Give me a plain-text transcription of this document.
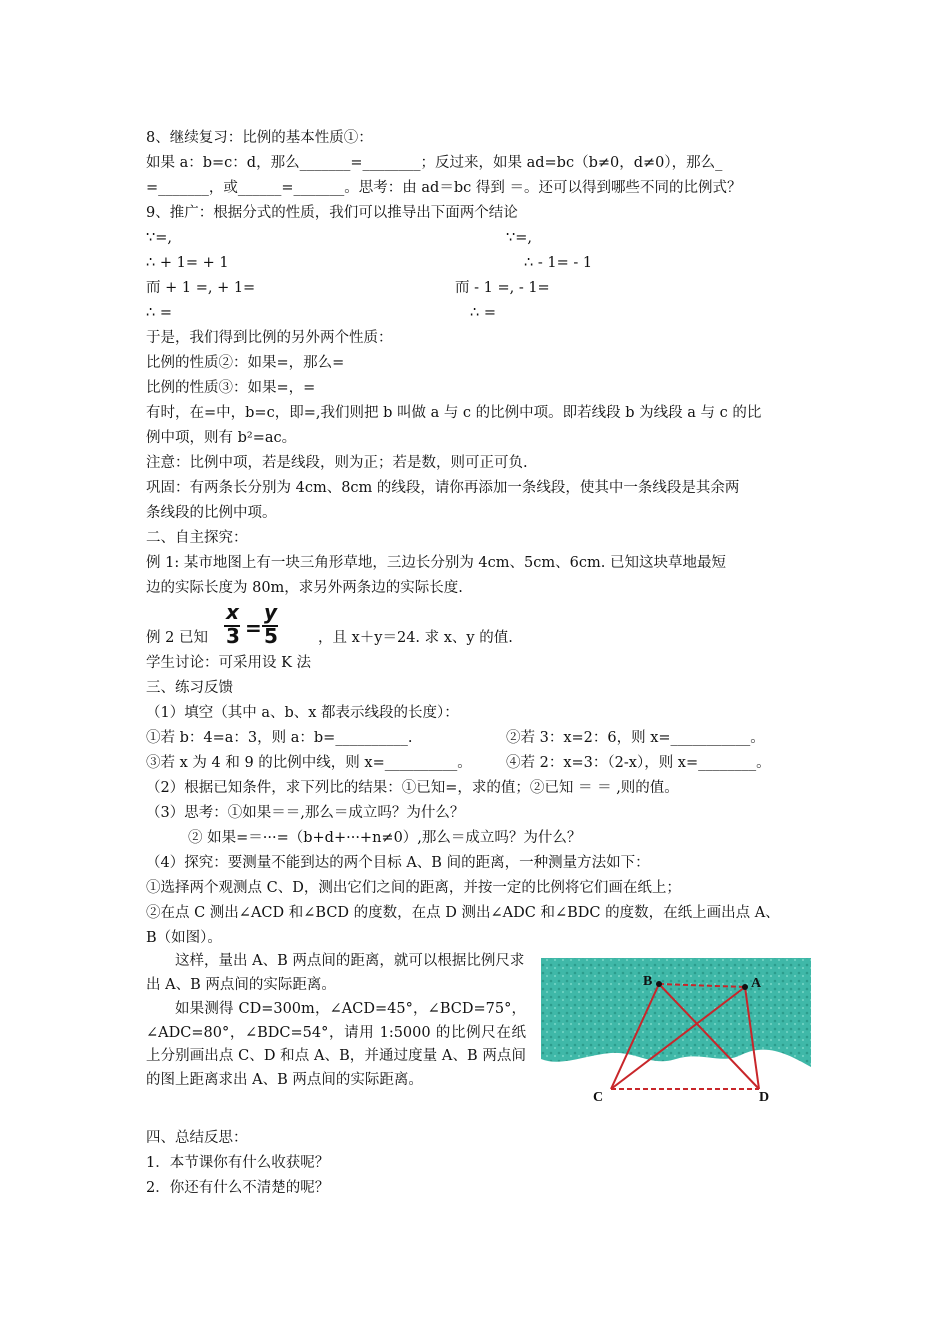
8、继续复习：比例的基本性质①：
如果 a：b=c：d，那么_______=________；反过来，如果 ad=bc（b≠0，d≠0），那么_
=_______，或______=_______。思考：由 ad＝bc 得到 ＝。还可以得到哪些不同的比例式？
9、推广：根据分式的性质，我们可以推导出下面两个结论
∵=,	∵=,
∴ + 1= + 1	∴ - 1= - 1
而 + 1 =, + 1=	而 - 1 =, - 1=
∴ =	∴ =
于是，我们得到比例的另外两个性质：
比例的性质②：如果=，那么=
比例的性质③：如果=，=
有时，在=中，b=c，即=,我们则把 b 叫做 a 与 c 的比例中项。即若线段 b 为线段 a 与 c 的比
例中项，则有 b²=ac。
注意：比例中项，若是线段，则为正；若是数，则可正可负.
巩固：有两条长分别为 4cm、8cm 的线段，请你再添加一条线段，使其中一条线段是其余两
条线段的比例中项。
二、自主探究：
例 1: 某市地图上有一块三角形草地，三边长分别为 4cm、5cm、6cm. 已知这块草地最短
边的实际长度为 80m，求另外两条边的实际长度.
例 2 已知
x
3 =
y
5	，且 x＋y＝24. 求 x、y 的值.
学生讨论：可采用设 K 法
三、练习反馈
（1）填空（其中 a、b、x 都表示线段的长度）：
①若 b：4=a：3，则 a：b=__________.	②若 3：x=2：6，则 x=___________。
③若 x 为 4 和 9 的比例中线，则 x=__________。 ④若 2：x=3：（2-x），则 x=________。
（2）根据已知条件，求下列比的结果：①已知=，求的值；②已知 ＝ ＝ ,则的值。
（3）思考：①如果＝＝,那么＝成立吗？为什么？
② 如果=＝···=（b+d+···+n≠0）,那么＝成立吗？为什么？
（4）探究：要测量不能到达的两个目标 A、B 间的距离，一种测量方法如下：
①选择两个观测点 C、D，测出它们之间的距离，并按一定的比例将它们画在纸上；
②在点 C 测出∠ACD 和∠BCD 的度数，在点 D 测出∠ADC 和∠BDC 的度数，在纸上画出点 A、
B（如图）。
这样，量出 A、B 两点间的距离，就可以根据比例尺求出 A、B 两点间的实际距离。
如果测得 CD=300m，∠ACD=45°，∠BCD=75°，∠ADC=80°，∠BDC=54°，请用 1:5000 的比例尺在纸上分别画出点 C、D 和点 A、B，并通过度量 A、B 两点间的图上距离求出 A、B 两点间的实际距离。
四、总结反思：
1．本节课你有什么收获呢？
2．你还有什么不清楚的呢？
B	A
C	D
